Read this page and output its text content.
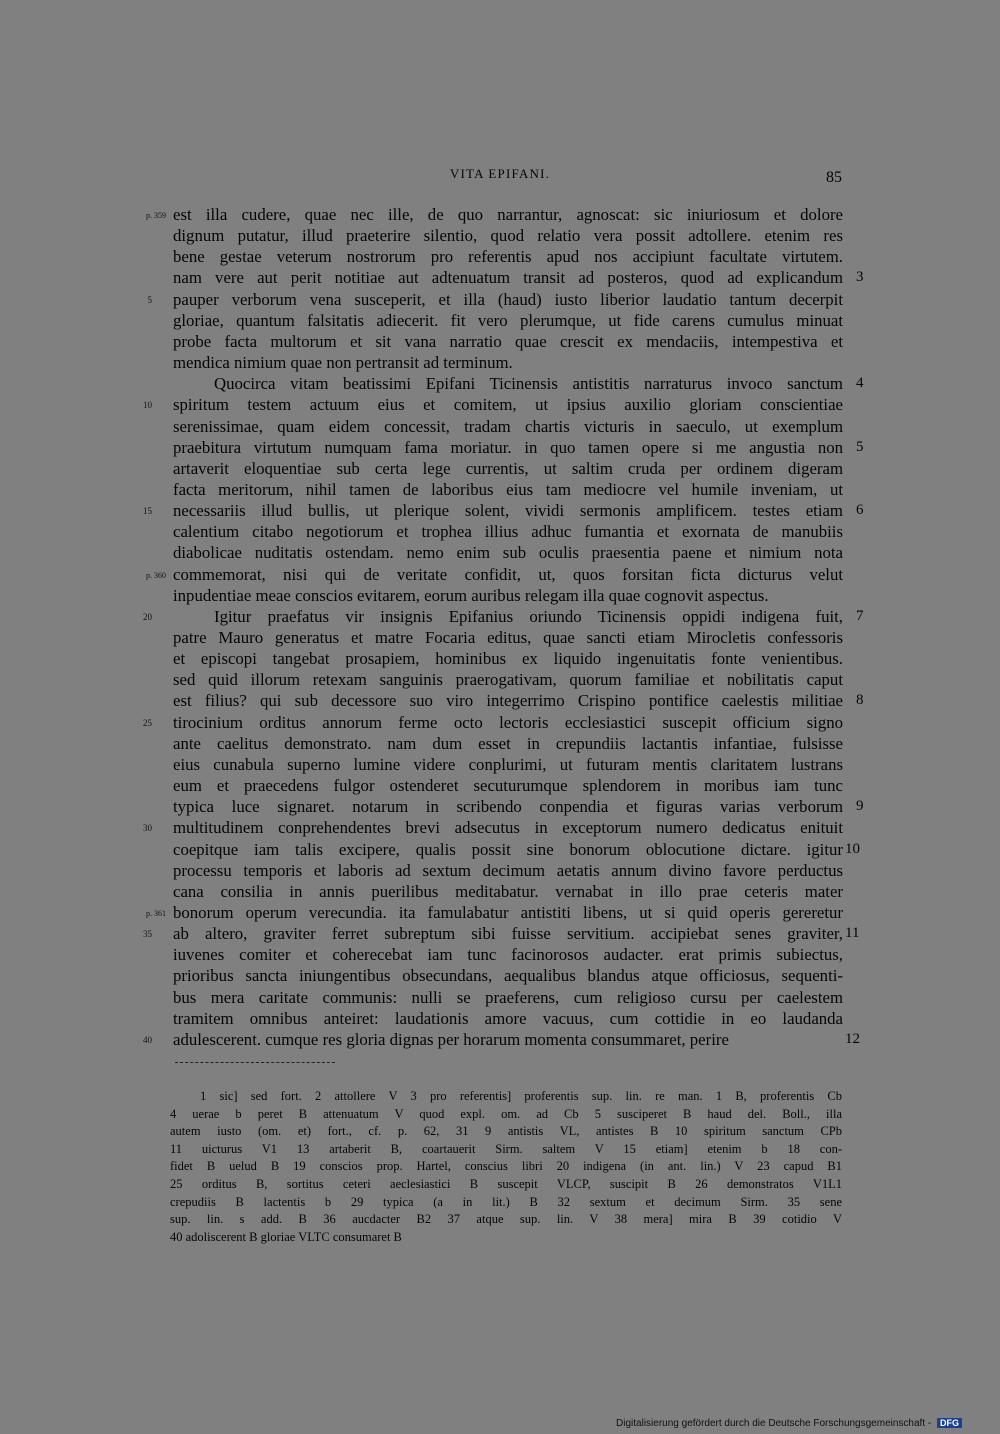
VITA EPIFANI.	85
est illa cudere, quae nec ille, de quo narrantur, agnoscat: sic iniuriosum et dolore
dignum putatur, illud praeterire silentio, quod relatio vera possit adtollere. etenim res
bene gestae veterum nostrorum pro referentis apud nos accipiunt facultate virtutem.
nam vere aut perit notitiae aut adtenuatum transit ad posteros, quod ad explicandum
pauper verborum vena susceperit, et illa (haud) iusto liberior laudatio tantum decerpit
gloriae, quantum falsitatis adiecerit. fit vero plerumque, ut fide carens cumulus minuat
probe facta multorum et sit vana narratio quae crescit ex mendaciis, intempestiva et
mendica nimium quae non pertransit ad terminum.
Quocirca vitam beatissimi Epifani Ticinensis antistitis narraturus invoco sanctum
spiritum testem actuum eius et comitem, ut ipsius auxilio gloriam conscientiae
serenissimae, quam eidem concessit, tradam chartis victuris in saeculo, ut exemplum
praebitura virtutum numquam fama moriatur. in quo tamen opere si me angustia non
artaverit eloquentiae sub certa lege currentis, ut saltim cruda per ordinem digeram
facta meritorum, nihil tamen de laboribus eius tam mediocre vel humile inveniam, ut
necessariis illud bullis, ut plerique solent, vividi sermonis amplificem. testes etiam
calentium citabo negotiorum et trophea illius adhuc fumantia et exornata de manubiis
diabolicae nuditatis ostendam. nemo enim sub oculis praesentia paene et nimium nota
commemorat, nisi qui de veritate confidit, ut, quos forsitan ficta dicturus velut
inpudentiae meae conscios evitarem, eorum auribus relegam illa quae cognovit aspectus.
Igitur praefatus vir insignis Epifanius oriundo Ticinensis oppidi indigena fuit,
patre Mauro generatus et matre Focaria editus, quae sancti etiam Mirocletis confessoris
et episcopi tangebat prosapiem, hominibus ex liquido ingenuitatis fonte venientibus.
sed quid illorum retexam sanguinis praerogativam, quorum familiae et nobilitatis caput
est filius? qui sub decessore suo viro integerrimo Crispino pontifice caelestis militiae
tirocinium orditus annorum ferme octo lectoris ecclesiastici suscepit officium signo
ante caelitus demonstrato. nam dum esset in crepundiis lactantis infantiae, fulsisse
eius cunabula superno lumine videre conplurimi, ut futuram mentis claritatem lustrans
eum et praecedens fulgor ostenderet secuturumque splendorem in moribus iam tunc
typica luce signaret. notarum in scribendo conpendia et figuras varias verborum
multitudinem conprehendentes brevi adsecutus in exceptorum numero dedicatus enituit
coepitque iam talis excipere, qualis possit sine bonorum oblocutione dictare. igitur
processu temporis et laboris ad sextum decimum aetatis annum divino favore perductus
cana consilia in annis puerilibus meditabatur. vernabat in illo prae ceteris mater
bonorum operum verecundia. ita famulabatur antistiti libens, ut si quid operis gereretur
ab altero, graviter ferret subreptum sibi fuisse servitium. accipiebat senes graviter,
iuvenes comiter et coherecebat iam tunc facinorosos audacter. erat primis subiectus,
prioribus sancta iniungentibus obsecundans, aequalibus blandus atque officiosus, sequenti-
bus mera caritate communis: nulli se praeferens, cum religioso cursu per caelestem
tramitem omnibus anteiret: laudationis amore vacuus, cum cottidie in eo laudanda
adulescerent. cumque res gloria dignas per horarum momenta consummaret, perire
p. 359
5
10
15
p. 360
20
25
30
p. 361
35
40
3
4
5
6
7
8
9
10
11
12
1 sic] sed fort. 2 attollere V 3 pro referentis] proferentis sup. lin. re man. 1 B, proferentis Cb
4 uerae b peret B attenuatum V quod expl. om. ad Cb 5 susciperet B haud del. Boll., illa
autem iusto (om. et) fort., cf. p. 62, 31 9 antistis VL, antistes B 10 spiritum sanctum CPb
11 uicturus V1 13 artaberit B, coartauerit Sirm. saltem V 15 etiam] etenim b 18 con-
fidet B uelud B 19 conscios prop. Hartel, conscius libri 20 indigena (in ant. lin.) V 23 capud B1
25 orditus B, sortitus ceteri aeclesiastici B suscepit VLCP, suscipit B 26 demonstratos V1L1
crepudiis B lactentis b 29 typica (a in lit.) B 32 sextum et decimum Sirm. 35 sene
sup. lin. s add. B 36 aucdacter B2 37 atque sup. lin. V 38 mera] mira B 39 cotidio V
40 adoliscerent B gloriae VLTC consumaret B
Digitalisierung gefördert durch die Deutsche Forschungsgemeinschaft - DFG
